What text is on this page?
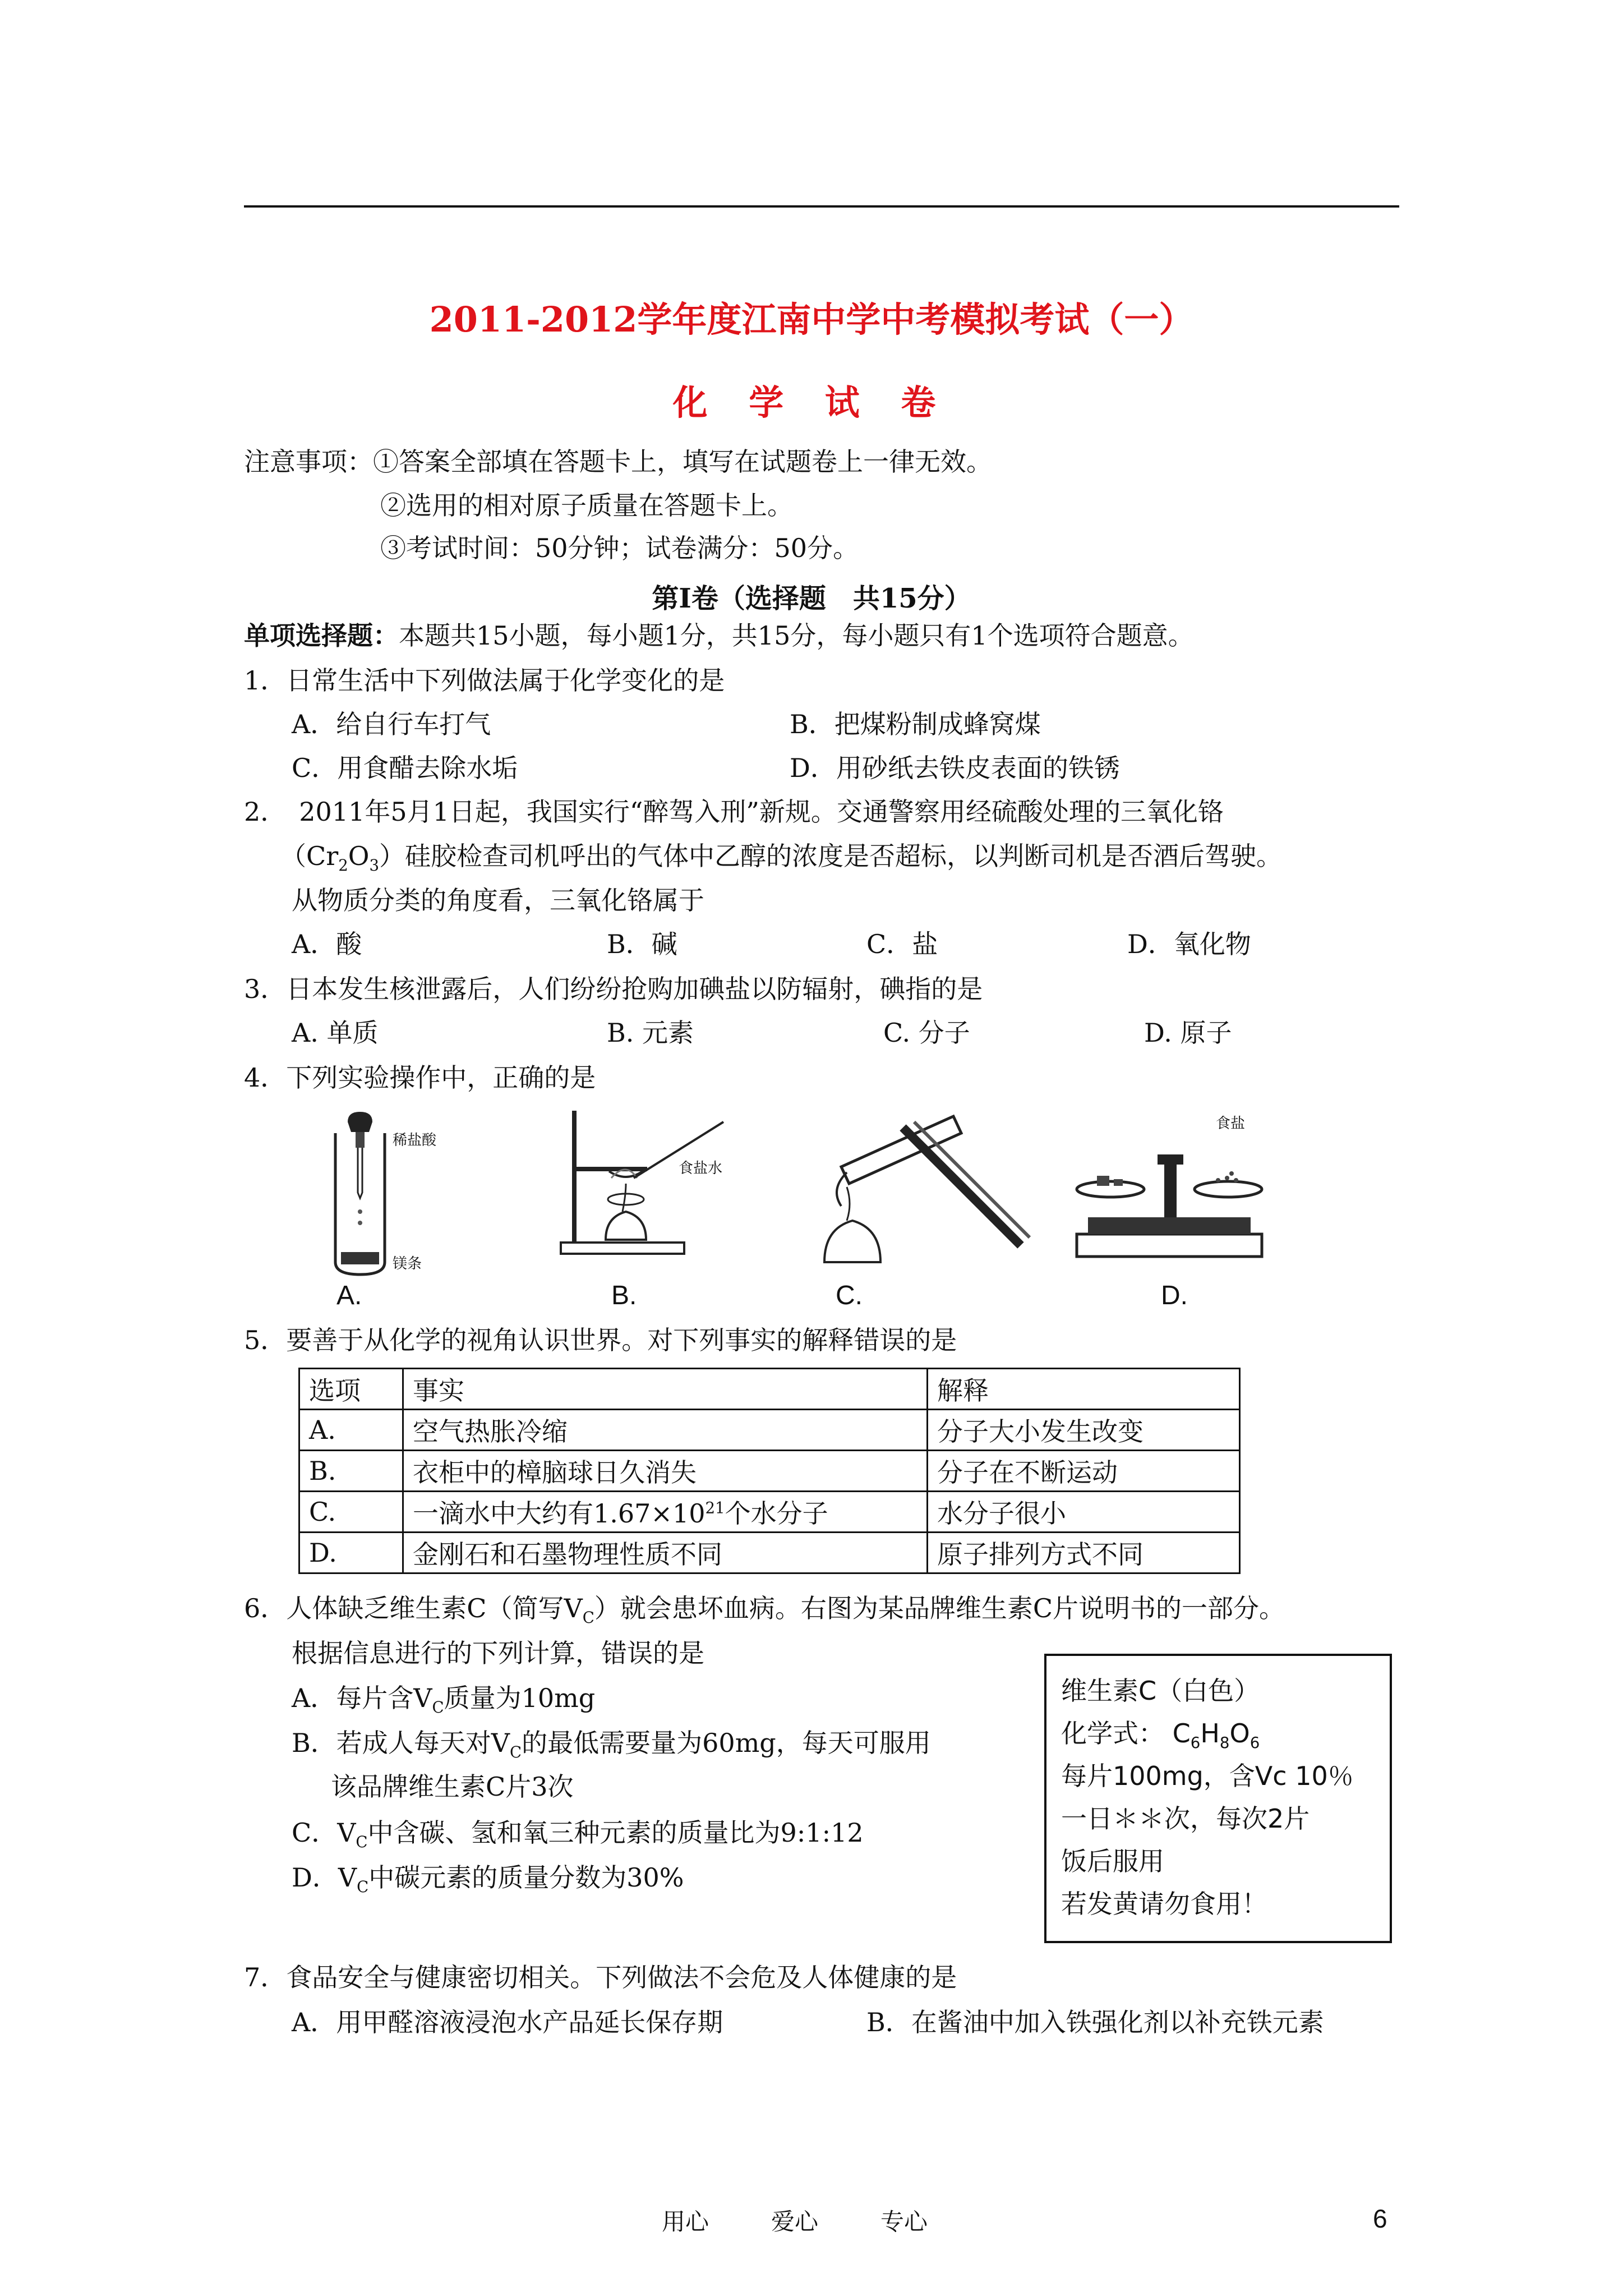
2011-2012学年度江南中学中考模拟考试（一）
化 学 试 卷
注意事项：①答案全部填在答题卡上，填写在试题卷上一律无效。
②选用的相对原子质量在答题卡上。
③考试时间：50分钟；试卷满分：50分。
第Ⅰ卷（选择题　共15分）
单项选择题：本题共15小题，每小题1分，共15分，每小题只有1个选项符合题意。
1．日常生活中下列做法属于化学变化的是
A．给自行车打气	B．把煤粉制成蜂窝煤
C．用食醋去除水垢	D．用砂纸去铁皮表面的铁锈
2．　2011年5月1日起，我国实行“醉驾入刑”新规。交通警察用经硫酸处理的三氧化铬
$(Cr_2O_3)$硅胶检查司机呼出的气体中乙醇的浓度是否超标，以判断司机是否酒后驾驶。
从物质分类的角度看，三氧化铬属于
A．酸	B．碱	C．盐	D．氧化物
3．日本发生核泄露后，人们纷纷抢购加碘盐以防辐射，碘指的是
A. 单质	B. 元素	C. 分子	D. 原子
4．下列实验操作中，正确的是
稀盐酸
镁条
A.
食盐水
B.	C.
食盐
D.
5．要善于从化学的视角认识世界。对下列事实的解释错误的是
选项	事实	解释
A.	空气热胀冷缩	分子大小发生改变
B.	衣柜中的樟脑球日久消失	分子在不断运动
C.	一滴水中大约有$1.67\times 10^{21}$个水分子	水分子很小
D.	金刚石和石墨物理性质不同	原子排列方式不同
6．人体缺乏维生素C（简写$V_C$）就会患坏血病。右图为某品牌维生素C片说明书的一部分。
根据信息进行的下列计算，错误的是
A．每片含$V_C$质量为10mg
B．若成人每天对$V_C$的最低需要量为60mg，每天可服用
该品牌维生素C片3次
C．$V_C$中含碳、氢和氧三种元素的质量比为9:1:12
D．$V_C$中碳元素的质量分数为30%
维生素C（白色）
化学式： $C_6H_8O_6$
每片100mg，含Vc 10％
一日＊＊次，每次2片
饭后服用
若发黄请勿食用！
7．食品安全与健康密切相关。下列做法不会危及人体健康的是
A．用甲醛溶液浸泡水产品延长保存期	B．在酱油中加入铁强化剂以补充铁元素
用心	爱心	专心	6
